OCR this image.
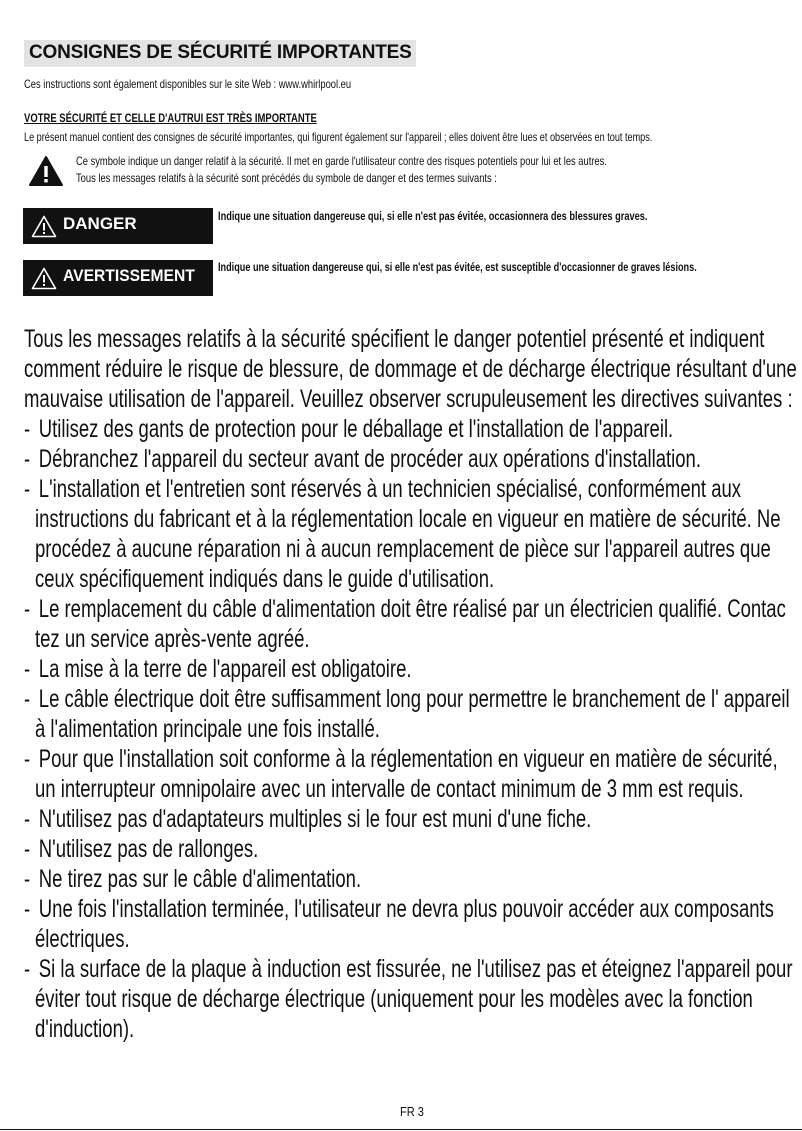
CONSIGNES DE SÉCURITÉ IMPORTANTES
Ces instructions sont également disponibles sur le site Web : www.whirlpool.eu
VOTRE SÉCURITÉ ET CELLE D'AUTRUI EST TRÈS IMPORTANTE
Le présent manuel contient des consignes de sécurité importantes, qui figurent également sur l'appareil ; elles doivent être lues et observées en tout temps.
Ce symbole indique un danger relatif à la sécurité. Il met en garde l'utilisateur contre des risques potentiels pour lui et les autres.
Tous les messages relatifs à la sécurité sont précédés du symbole de danger et des termes suivants :
DANGER	Indique une situation dangereuse qui, si elle n'est pas évitée, occasionnera des blessures graves.
AVERTISSEMENT Indique une situation dangereuse qui, si elle n'est pas évitée, est susceptible d'occasionner de graves lésions.
Tous les messages relatifs à la sécurité spécifient le danger potentiel présenté et indiquent
comment réduire le risque de blessure, de dommage et de décharge électrique résultant d'une
mauvaise utilisation de l'appareil. Veuillez observer scrupuleusement les directives suivantes :
- Utilisez des gants de protection pour le déballage et l'installation de l'appareil.
- Débranchez l'appareil du secteur avant de procéder aux opérations d'installation.
- L'installation et l'entretien sont réservés à un technicien spécialisé, conformément aux
instructions du fabricant et à la réglementation locale en vigueur en matière de sécurité. Ne
procédez à aucune réparation ni à aucun remplacement de pièce sur l'appareil autres que
ceux spécifiquement indiqués dans le guide d'utilisation.
- Le remplacement du câble d'alimentation doit être réalisé par un électricien qualifié. Contac
tez un service après-vente agréé.
- La mise à la terre de l'appareil est obligatoire.
- Le câble électrique doit être suffisamment long pour permettre le branchement de l' appareil
à l'alimentation principale une fois installé.
- Pour que l'installation soit conforme à la réglementation en vigueur en matière de sécurité,
un interrupteur omnipolaire avec un intervalle de contact minimum de 3 mm est requis.
- N'utilisez pas d'adaptateurs multiples si le four est muni d'une fiche.
- N'utilisez pas de rallonges.
- Ne tirez pas sur le câble d'alimentation.
- Une fois l'installation terminée, l'utilisateur ne devra plus pouvoir accéder aux composants
électriques.
- Si la surface de la plaque à induction est fissurée, ne l'utilisez pas et éteignez l'appareil pour
éviter tout risque de décharge électrique (uniquement pour les modèles avec la fonction
d'induction).
FR 3
